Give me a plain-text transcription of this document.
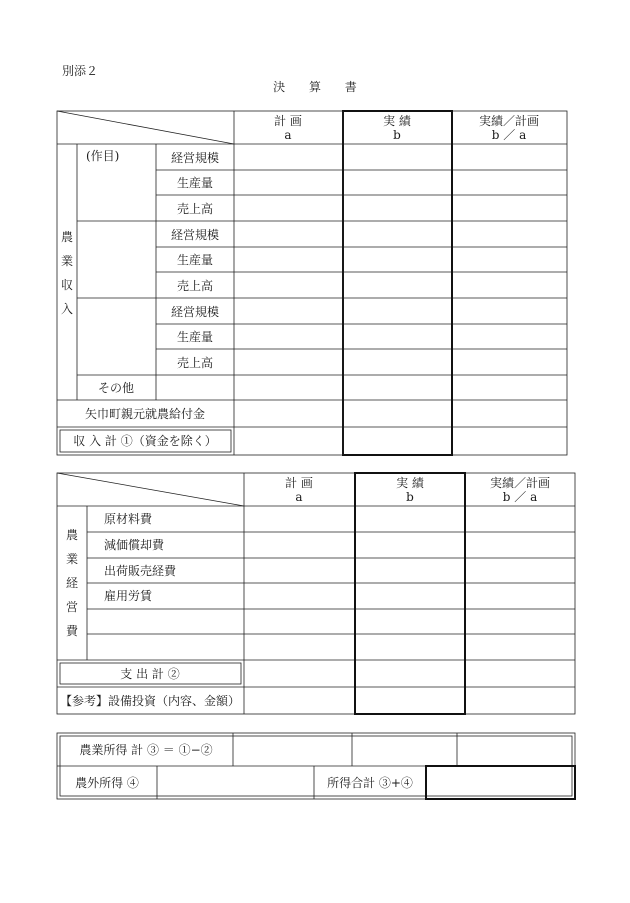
別添２
決 算 書
計 画
a
実 績
b
実績／計画
b ／ a
農
業
収
入
(作目)	経営規模
生産量
売上高
経営規模
生産量
売上高
経営規模
生産量
売上高
その他
矢巾町親元就農給付金
収 入 計 ①（資金を除く）
計 画
a
実 績
b
実績／計画
b ／ a
農
業
経
営
費
原材料費
減価償却費
出荷販売経費
雇用労賃
支 出 計 ②
【参考】設備投資（内容、金額）
農業所得 計 ③ ＝ ①−②
農外所得 ④	所得合計 ③+④
